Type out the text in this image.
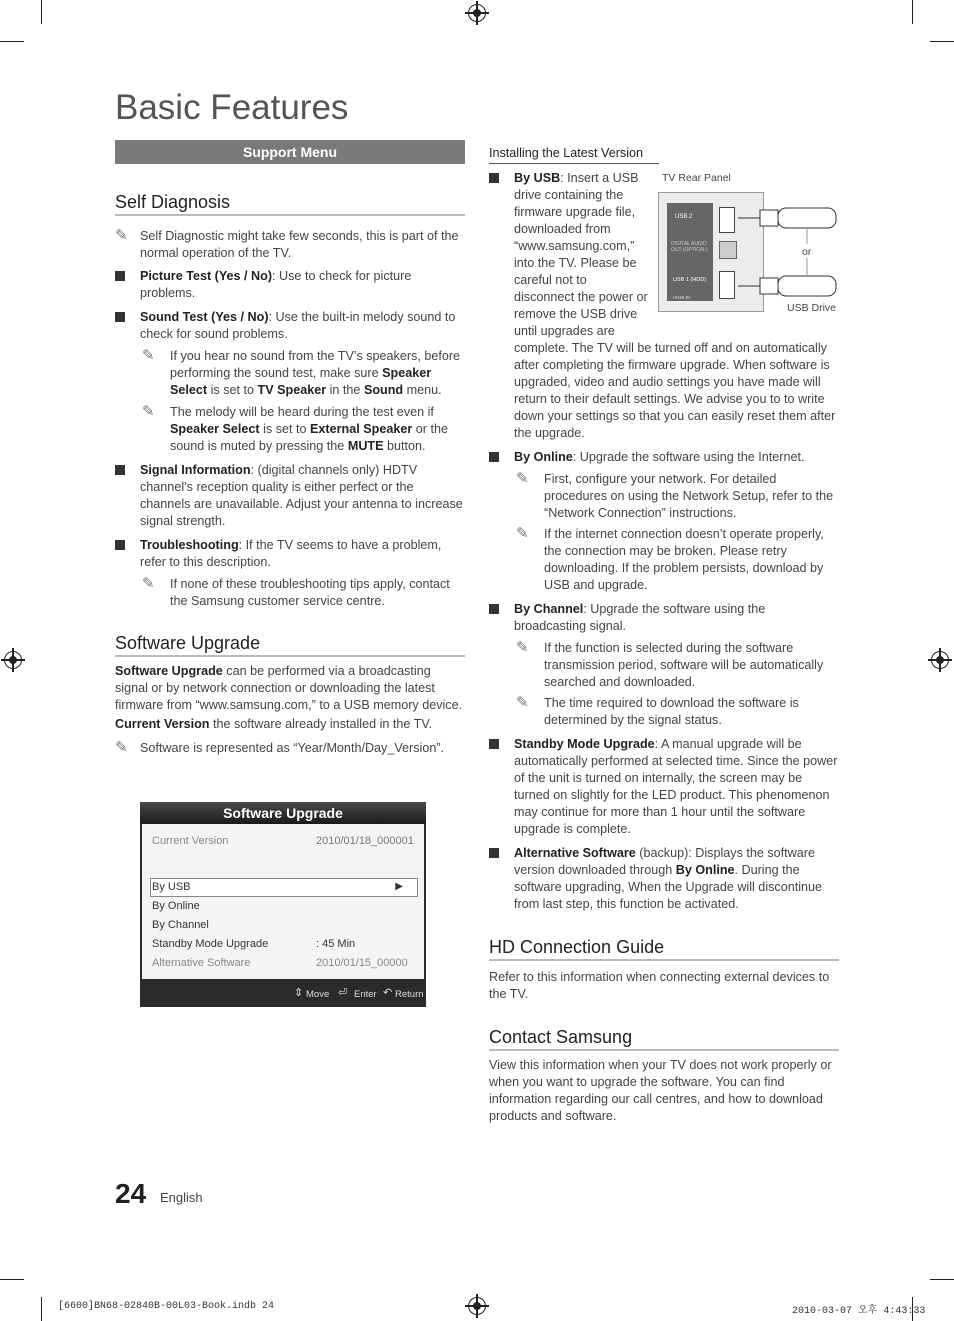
Basic Features
Support Menu
Self Diagnosis
✎ Self Diagnostic might take few seconds, this is part of the normal operation of the TV.
Picture Test (Yes / No): Use to check for picture problems.
Sound Test (Yes / No): Use the built-in melody sound to check for sound problems.
✎ If you hear no sound from the TV’s speakers, before performing the sound test, make sure Speaker Select is set to TV Speaker in the Sound menu.
✎ The melody will be heard during the test even if Speaker Select is set to External Speaker or the sound is muted by pressing the MUTE button.
Signal Information: (digital channels only) HDTV channel’s reception quality is either perfect or the channels are unavailable. Adjust your antenna to increase signal strength.
Troubleshooting: If the TV seems to have a problem, refer to this description.
✎ If none of these troubleshooting tips apply, contact the Samsung customer service centre.
Software Upgrade

Software Upgrade can be performed via a broadcasting signal or by network connection or downloading the latest firmware from “www.samsung.com,” to a USB memory device.

Current Version the software already installed in the TV.

✎ Software is represented as “Year/Month/Day_Version”.
Software Upgrade
Current Version	2010/01/18_000001
▶
By USB
By Online
By Channel
Standby Mode Upgrade	: 45 Min
Alternative Software	2010/01/15_00000
⇕ Move ⏎ Enter ↶ Return
Installing the Latest Version
By USB: Insert a USB drive containing the firmware upgrade file, downloaded from “www.samsung.com,” into the TV. Please be careful not to disconnect the power or remove the USB drive until upgrades are
complete. The TV will be turned off and on automatically after completing the firmware upgrade. When software is upgraded, video and audio settings you have made will return to their default settings. We advise you to to write down your settings so that you can easily reset them after the upgrade.
By Online: Upgrade the software using the Internet.
✎ First, configure your network. For detailed procedures on using the Network Setup, refer to the “Network Connection” instructions.
✎ If the internet connection doesn’t operate properly, the connection may be broken. Please retry downloading. If the problem persists, download by USB and upgrade.
By Channel: Upgrade the software using the broadcasting signal.
✎ If the function is selected during the software transmission period, software will be automatically searched and downloaded.
✎ The time required to download the software is determined by the signal status.
Standby Mode Upgrade: A manual upgrade will be automatically performed at selected time. Since the power of the unit is turned on internally, the screen may be turned on slightly for the LED product. This phenomenon may continue for more than 1 hour until the software upgrade is complete.
Alternative Software (backup): Displays the software version downloaded through By Online. During the software upgrading, When the Upgrade will discontinue from last step, this function be activated.
HD Connection Guide

Refer to this information when connecting external devices to the TV.

Contact Samsung

View this information when your TV does not work properly or when you want to upgrade the software. You can find information regarding our call centres, and how to download products and software.

TV Rear Panel
USB 2
DIGITAL AUDIO OUT (OPTICAL)
USB 1 (HDD)
HDMI IN
or
USB Drive
24 English
[6600]BN68-02840B-00L03-Book.indb 24	2010-03-07 오후 4:43:33
